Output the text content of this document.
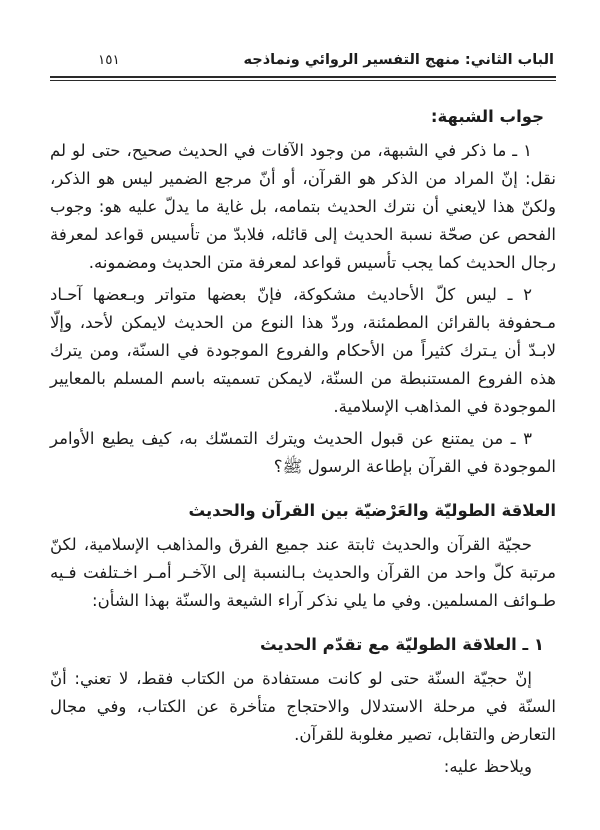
الباب الثاني: منهج التفسير الروائي ونماذجه
١٥١
جواب الشبهة:

١ ـ ما ذكر في الشبهة، من وجود الآفات في الحديث صحيح، حتى لو لم نقل: إنّ المراد من الذكر هو القرآن، أو أنّ مرجع الضمير ليس هو الذكر، ولكنّ هذا لايعني أن نترك الحديث بتمامه، بل غاية ما يدلّ عليه هو: وجوب الفحص عن صحّة نسبة الحديث إلى قائله، فلابدّ من تأسيس قواعد لمعرفة رجال الحديث كما يجب تأسيس قواعد لمعرفة متن الحديث ومضمونه.

٢ ـ ليس كلّ الأحاديث مشكوكة، فإنّ بعضها متواتر وبـعضها آحـاد مـحفوفة بالقرائن المطمئنة، وردّ هذا النوع من الحديث لايمكن لأحد، وإلّا لابـدّ أن يـترك كثيراً من الأحكام والفروع الموجودة في السنّة، ومن يترك هذه الفروع المستنبطة من السنّة، لايمكن تسميته باسم المسلم بالمعايير الموجودة في المذاهب الإسلامية.

٣ ـ من يمتنع عن قبول الحديث ويترك التمسّك به، كيف يطيع الأوامر الموجودة في القرآن بإطاعة الرسول ﷺ؟

العلاقة الطوليّة والعَرْضيّة بين القرآن والحديث

حجيّة القرآن والحديث ثابتة عند جميع الفرق والمذاهب الإسلامية، لكنّ مرتبة كلّ واحد من القرآن والحديث بـالنسبة إلى الآخـر أمـر اخـتلفت فـيه طـوائف المسلمين. وفي ما يلي نذكر آراء الشيعة والسنّة بهذا الشأن:

١ ـ العلاقة الطوليّة مع تقدّم الحديث

إنّ حجيّة السنّة حتى لو كانت مستفادة من الكتاب فقط، لا تعني: أنّ السنّة في مرحلة الاستدلال والاحتجاج متأخرة عن الكتاب، وفي مجال التعارض والتقابل، تصير مغلوبة للقرآن.

ويلاحظ عليه:
